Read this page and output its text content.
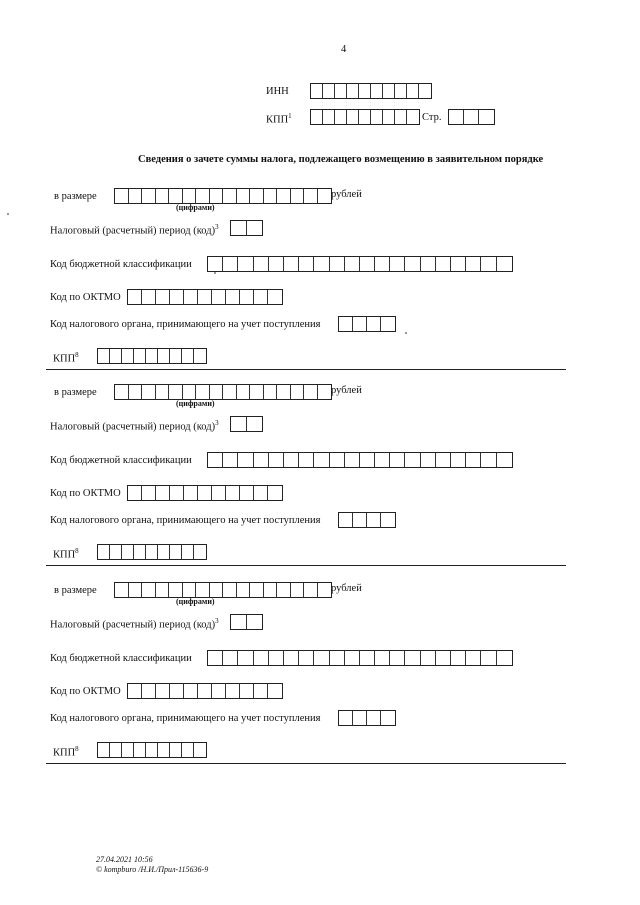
4
ИНН
КПП$^1$	Стр.
Сведения о зачете суммы налога, подлежащего возмещению в заявительном порядке
в размере	рублей
(цифрами)
Налоговый (расчетный) период (код)$^3$
Код бюджетной классификации
Код по ОКТМО
Код налогового органа, принимающего на учет поступления
КПП$^8$
в размере	рублей
(цифрами)
Налоговый (расчетный) период (код)$^3$
Код бюджетной классификации
Код по ОКТМО
Код налогового органа, принимающего на учет поступления
КПП$^8$
в размере	рублей
(цифрами)
Налоговый (расчетный) период (код)$^3$
Код бюджетной классификации
Код по ОКТМО
Код налогового органа, принимающего на учет поступления
КПП$^8$
27.04.2021 10:56
© kompburo /Н.И./Прил-115636-9
